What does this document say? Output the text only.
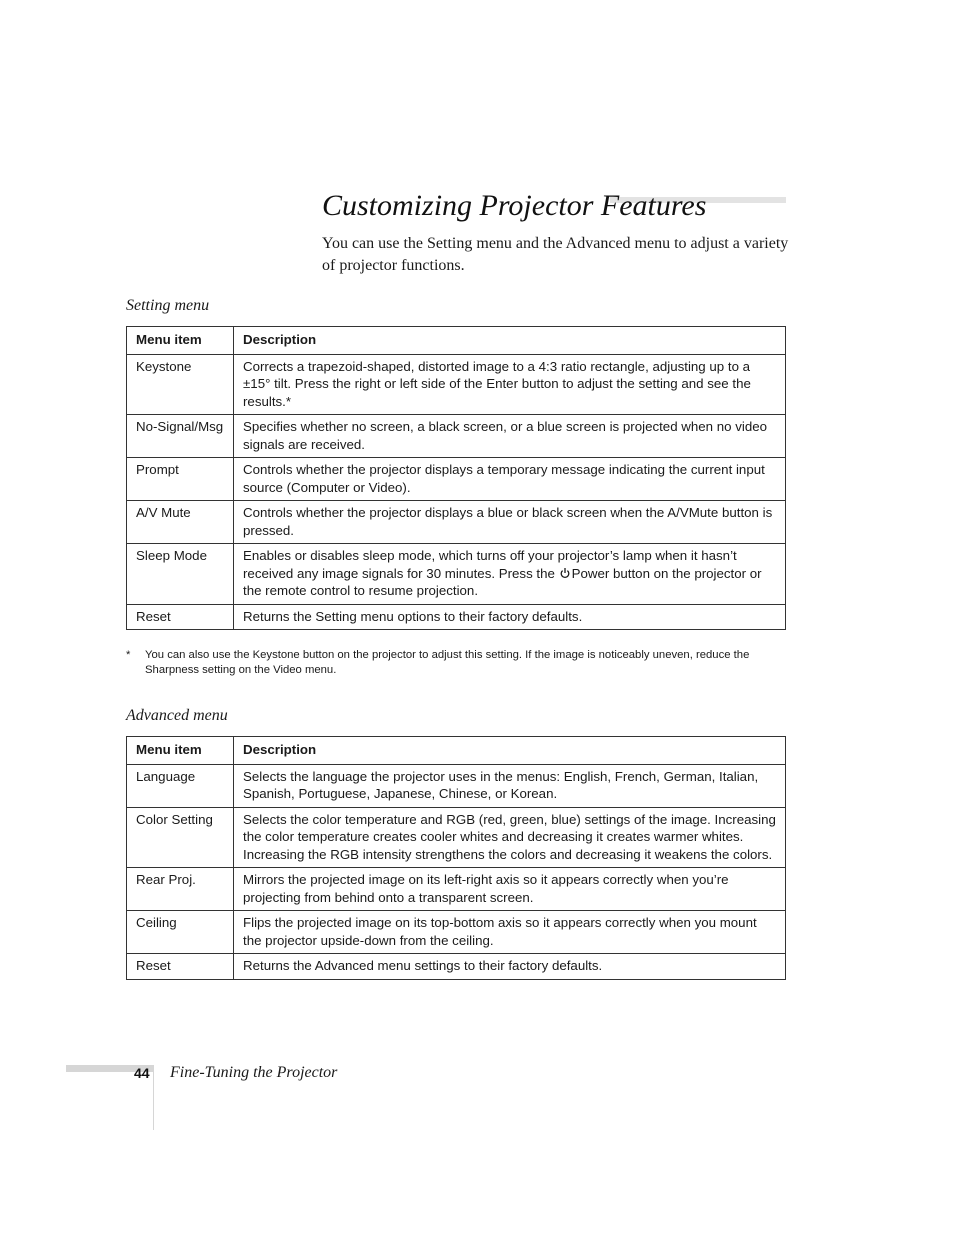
Customizing Projector Features

You can use the Setting menu and the Advanced menu to adjust a variety of projector functions.

Setting menu
Menu item	Description
Keystone	Corrects a trapezoid-shaped, distorted image to a 4:3 ratio rectangle, adjusting up to a ±15° tilt. Press the right or left side of the Enter button to adjust the setting and see the results.*
No-Signal/Msg	Specifies whether no screen, a black screen, or a blue screen is projected when no video signals are received.
Prompt	Controls whether the projector displays a temporary message indicating the current input source (Computer or Video).
A/V Mute	Controls whether the projector displays a blue or black screen when the A/VMute button is pressed.
Sleep Mode	Enables or disables sleep mode, which turns off your projector’s lamp when it hasn’t received any image signals for 30 minutes. Press the Power button on the projector or the remote control to resume projection.
Reset	Returns the Setting menu options to their factory defaults.

*	You can also use the Keystone button on the projector to adjust this setting. If the image is noticeably uneven, reduce the Sharpness setting on the Video menu.

Advanced menu
Menu item	Description
Language	Selects the language the projector uses in the menus: English, French, German, Italian, Spanish, Portuguese, Japanese, Chinese, or Korean.
Color Setting	Selects the color temperature and RGB (red, green, blue) settings of the image. Increasing the color temperature creates cooler whites and decreasing it creates warmer whites. Increasing the RGB intensity strengthens the colors and decreasing it weakens the colors.
Rear Proj.	Mirrors the projected image on its left-right axis so it appears correctly when you’re projecting from behind onto a transparent screen.
Ceiling	Flips the projected image on its top-bottom axis so it appears correctly when you mount the projector upside-down from the ceiling.
Reset	Returns the Advanced menu settings to their factory defaults.
44 Fine-Tuning the Projector
